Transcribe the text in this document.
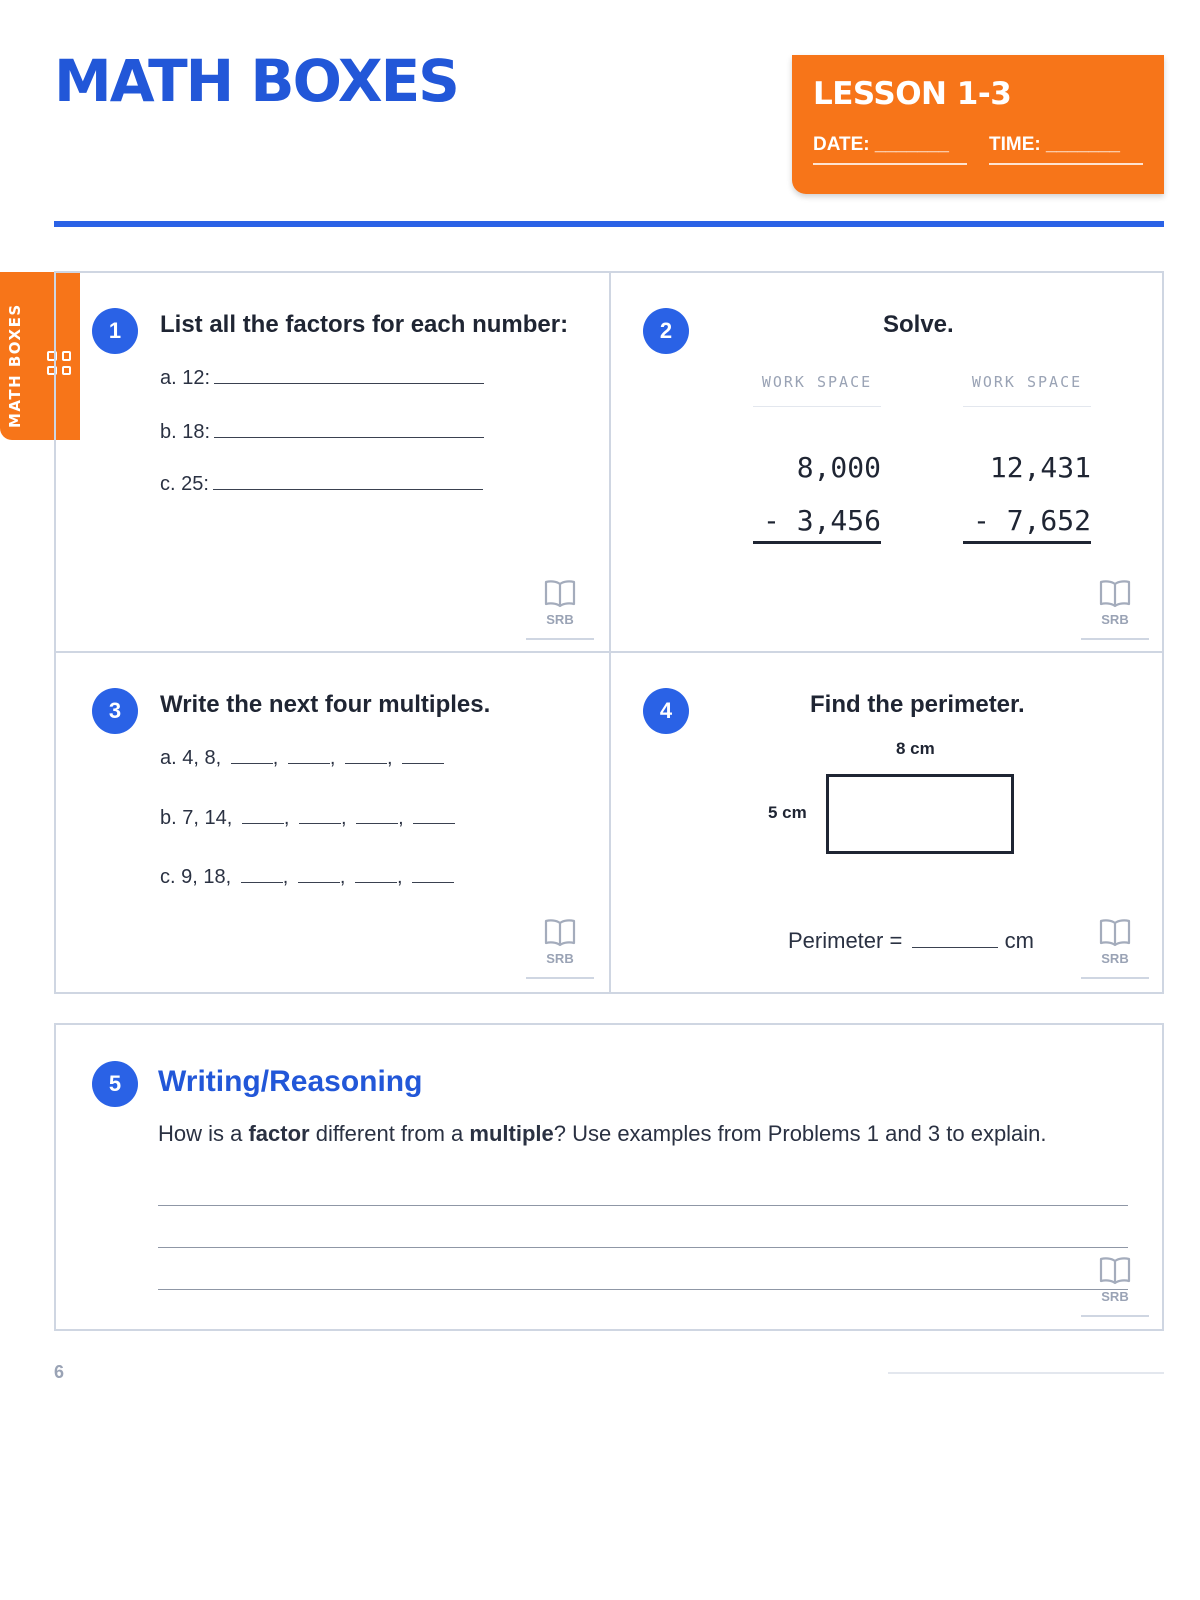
MATH BOXES	LESSON 1-3
DATE: _______	TIME: _______
MATH BOXES	1	List all the factors for each number:
a. 12:
b. 18:
c. 25:
SRB
2	Solve.
WORK SPACE
8,000
- 3,456
WORK SPACE
12,431
- 7,652
SRB
3	Write the next four multiples.
a. 4, 8,	,	,	,
b. 7, 14,	,	,	,
c. 9, 18,	,	,	,
SRB
4	Find the perimeter.
8 cm
5 cm
Perimeter =	cm
SRB
5	Writing/Reasoning
How is a factor different from a multiple? Use examples from Problems 1 and 3 to explain.
SRB
6
